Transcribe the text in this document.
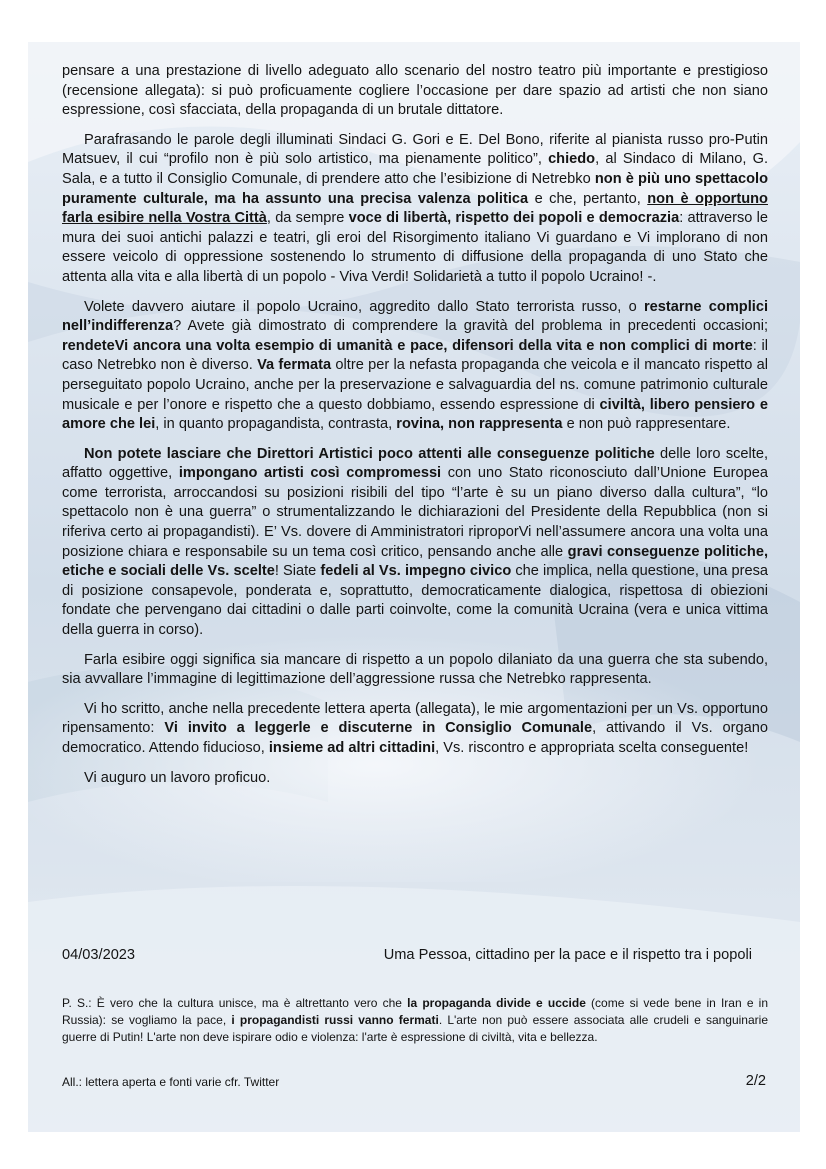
pensare a una prestazione di livello adeguato allo scenario del nostro teatro più importante e prestigioso (recensione allegata): si può proficuamente cogliere l’occasione per dare spazio ad artisti che non siano espressione, così sfacciata, della propaganda di un brutale dittatore.

Parafrasando le parole degli illuminati Sindaci G. Gori e E. Del Bono, riferite al pianista russo pro-Putin Matsuev, il cui “profilo non è più solo artistico, ma pienamente politico”, chiedo, al Sindaco di Milano, G. Sala, e a tutto il Consiglio Comunale, di prendere atto che l’esibizione di Netrebko non è più uno spettacolo puramente culturale, ma ha assunto una precisa valenza politica e che, pertanto, non è opportuno farla esibire nella Vostra Città, da sempre voce di libertà, rispetto dei popoli e democrazia: attraverso le mura dei suoi antichi palazzi e teatri, gli eroi del Risorgimento italiano Vi guardano e Vi implorano di non essere veicolo di oppressione sostenendo lo strumento di diffusione della propaganda di uno Stato che attenta alla vita e alla libertà di un popolo - Viva Verdi! Solidarietà a tutto il popolo Ucraino! -.

Volete davvero aiutare il popolo Ucraino, aggredito dallo Stato terrorista russo, o restarne complici nell’indifferenza? Avete già dimostrato di comprendere la gravità del problema in precedenti occasioni; rendeteVi ancora una volta esempio di umanità e pace, difensori della vita e non complici di morte: il caso Netrebko non è diverso. Va fermata oltre per la nefasta propaganda che veicola e il mancato rispetto al perseguitato popolo Ucraino, anche per la preservazione e salvaguardia del ns. comune patrimonio culturale musicale e per l’onore e rispetto che a questo dobbiamo, essendo espressione di civiltà, libero pensiero e amore che lei, in quanto propagandista, contrasta, rovina, non rappresenta e non può rappresentare.

Non potete lasciare che Direttori Artistici poco attenti alle conseguenze politiche delle loro scelte, affatto oggettive, impongano artisti così compromessi con uno Stato riconosciuto dall’Unione Europea come terrorista, arroccandosi su posizioni risibili del tipo “l’arte è su un piano diverso dalla cultura”, “lo spettacolo non è una guerra” o strumentalizzando le dichiarazioni del Presidente della Repubblica (non si riferiva certo ai propagandisti). E’ Vs. dovere di Amministratori riproporVi nell’assumere ancora una volta una posizione chiara e responsabile su un tema così critico, pensando anche alle gravi conseguenze politiche, etiche e sociali delle Vs. scelte! Siate fedeli al Vs. impegno civico che implica, nella questione, una presa di posizione consapevole, ponderata e, soprattutto, democraticamente dialogica, rispettosa di obiezioni fondate che pervengano dai cittadini o dalle parti coinvolte, come la comunità Ucraina (vera e unica vittima della guerra in corso).

Farla esibire oggi significa sia mancare di rispetto a un popolo dilaniato da una guerra che sta subendo, sia avvallare l’immagine di legittimazione dell’aggressione russa che Netrebko rappresenta.

Vi ho scritto, anche nella precedente lettera aperta (allegata), le mie argomentazioni per un Vs. opportuno ripensamento: Vi invito a leggerle e discuterne in Consiglio Comunale, attivando il Vs. organo democratico. Attendo fiducioso, insieme ad altri cittadini, Vs. riscontro e appropriata scelta conseguente!

Vi auguro un lavoro proficuo.

04/03/2023	Uma Pessoa, cittadino per la pace e il rispetto tra i popoli
P. S.: È vero che la cultura unisce, ma è altrettanto vero che la propaganda divide e uccide (come si vede bene in Iran e in Russia): se vogliamo la pace, i propagandisti russi vanno fermati. L'arte non può essere associata alle crudeli e sanguinarie guerre di Putin! L'arte non deve ispirare odio e violenza: l'arte è espressione di civiltà, vita e bellezza.
All.: lettera aperta e fonti varie cfr. Twitter	2/2
